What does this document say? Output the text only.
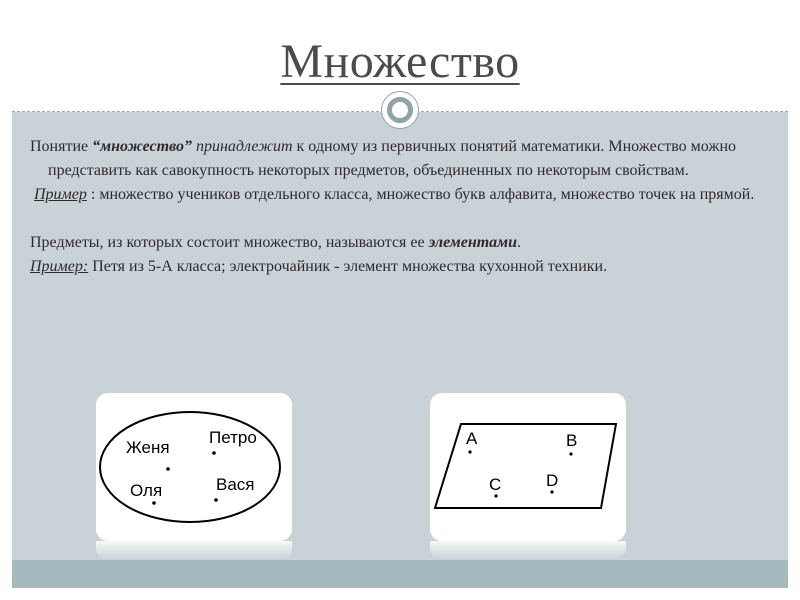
Множество

Понятие “множество” принадлежит к одному из первичных понятий математики. Множество можно представить как савокупность некоторых предметов, объединенных по некоторым свойствам.

Пример : множество учеников отдельного класса, множество букв алфавита, множество точек на прямой.

Предметы, из которых состоит множество, называются ее элементами.

Пример: Петя из 5-А класса; электрочайник - элемент множества кухонной техники.

Женя
Петро
Оля	Вася
A	B
C	D
